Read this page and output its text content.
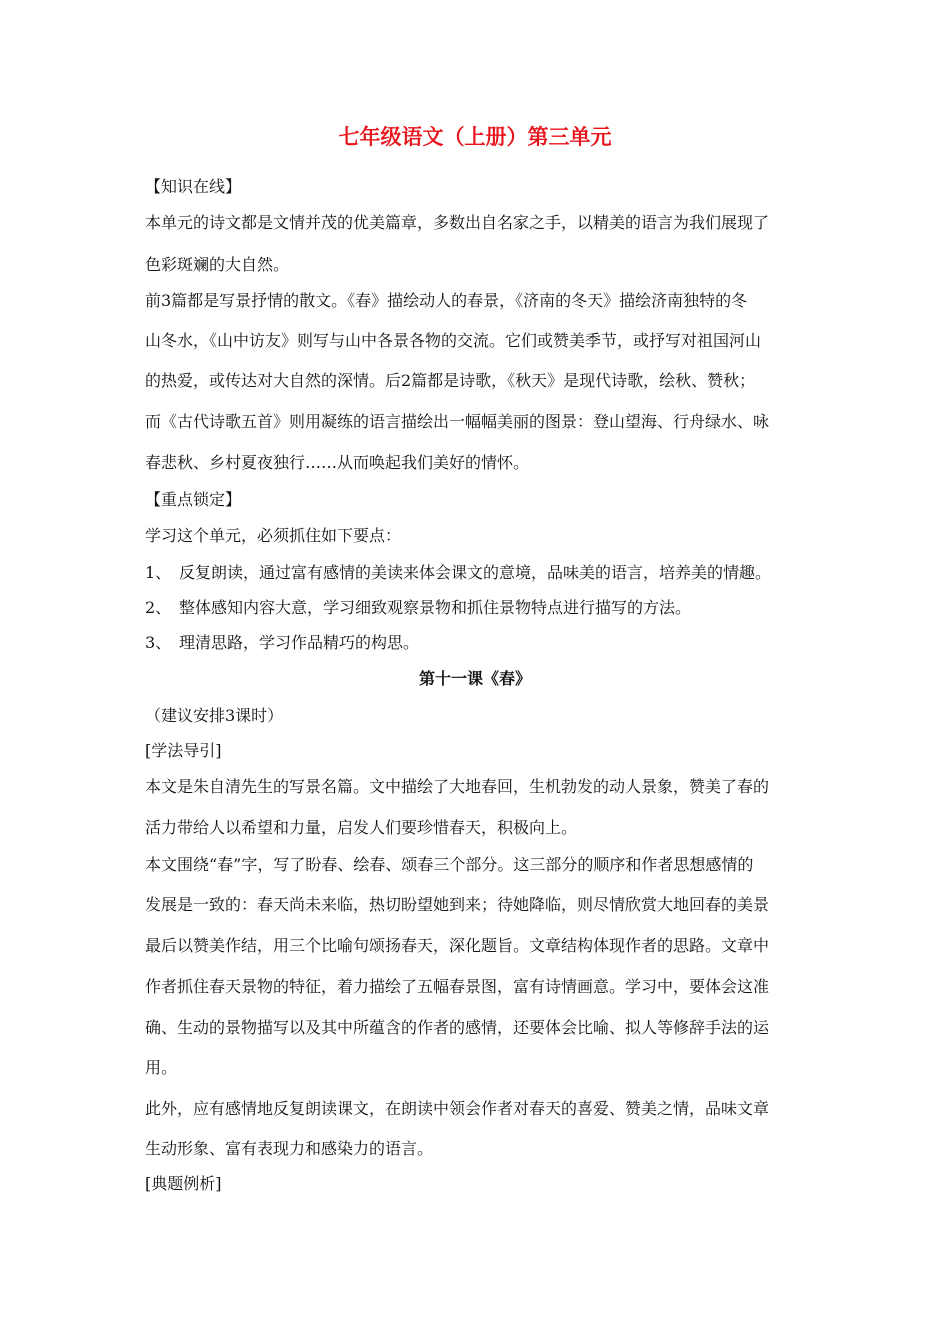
七年级语文（上册）第三单元
【知识在线】
本单元的诗文都是文情并茂的优美篇章，多数出自名家之手，以精美的语言为我们展现了
色彩斑斓的大自然。
前3篇都是写景抒情的散文。《春》描绘动人的春景，《济南的冬天》描绘济南独特的冬
山冬水，《山中访友》则写与山中各景各物的交流。它们或赞美季节，或抒写对祖国河山
的热爱，或传达对大自然的深情。后2篇都是诗歌，《秋天》是现代诗歌，绘秋、赞秋；
而《古代诗歌五首》则用凝练的语言描绘出一幅幅美丽的图景：登山望海、行舟绿水、咏
春悲秋、乡村夏夜独行……从而唤起我们美好的情怀。
【重点锁定】
学习这个单元，必须抓住如下要点：
1、 反复朗读，通过富有感情的美读来体会课文的意境，品味美的语言，培养美的情趣。
2、 整体感知内容大意，学习细致观察景物和抓住景物特点进行描写的方法。
3、 理清思路，学习作品精巧的构思。
第十一课《春》
（建议安排3课时）
[学法导引]
本文是朱自清先生的写景名篇。文中描绘了大地春回，生机勃发的动人景象，赞美了春的
活力带给人以希望和力量，启发人们要珍惜春天，积极向上。
本文围绕“春”字，写了盼春、绘春、颂春三个部分。这三部分的顺序和作者思想感情的
发展是一致的：春天尚未来临，热切盼望她到来；待她降临，则尽情欣赏大地回春的美景
最后以赞美作结，用三个比喻句颂扬春天，深化题旨。文章结构体现作者的思路。文章中
作者抓住春天景物的特征，着力描绘了五幅春景图，富有诗情画意。学习中，要体会这准
确、生动的景物描写以及其中所蕴含的作者的感情，还要体会比喻、拟人等修辞手法的运
用。
此外，应有感情地反复朗读课文，在朗读中领会作者对春天的喜爱、赞美之情，品味文章
生动形象、富有表现力和感染力的语言。
[典题例析]
